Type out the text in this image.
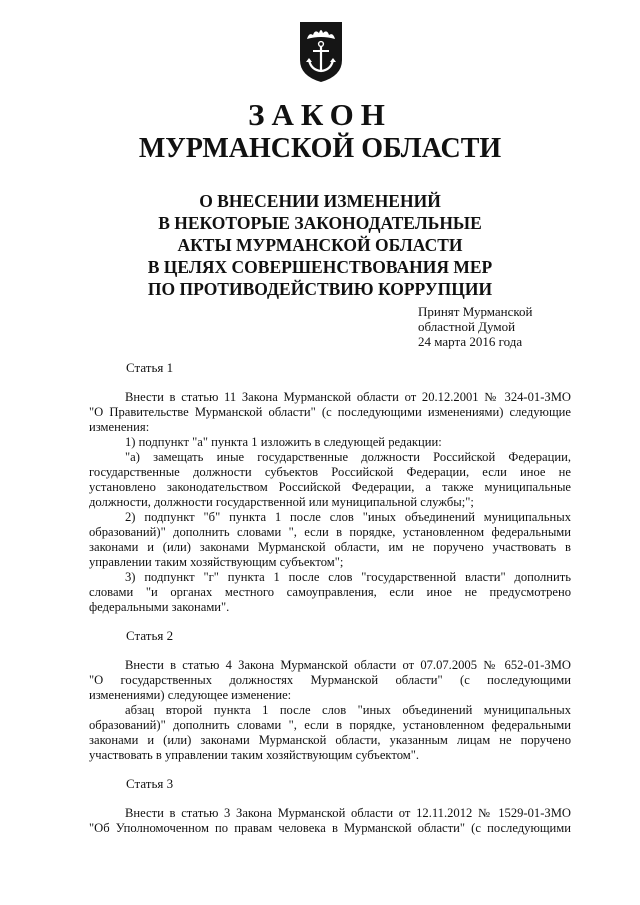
ЗАКОН
МУРМАНСКОЙ ОБЛАСТИ
О ВНЕСЕНИИ ИЗМЕНЕНИЙ
В НЕКОТОРЫЕ ЗАКОНОДАТЕЛЬНЫЕ
АКТЫ МУРМАНСКОЙ ОБЛАСТИ
В ЦЕЛЯХ СОВЕРШЕНСТВОВАНИЯ МЕР
ПО ПРОТИВОДЕЙСТВИЮ КОРРУПЦИИ
Принят Мурманской
областной Думой
24 марта 2016 года
Статья 1
Внести в статью 11 Закона Мурманской области от 20.12.2001 № 324-01-ЗМО
"О Правительстве Мурманской области" (с последующими изменениями) следующие
изменения:
1) подпункт "а" пункта 1 изложить в следующей редакции:
"а) замещать иные государственные должности Российской Федерации,
государственные должности субъектов Российской Федерации, если иное не
установлено законодательством Российской Федерации, а также муниципальные
должности, должности государственной или муниципальной службы;";
2) подпункт "б" пункта 1 после слов "иных объединений муниципальных
образований)" дополнить словами ", если в порядке, установленном федеральными
законами и (или) законами Мурманской области, им не поручено участвовать в
управлении таким хозяйствующим субъектом";
3) подпункт "г" пункта 1 после слов "государственной власти" дополнить
словами "и органах местного самоуправления, если иное не предусмотрено
федеральными законами".
Статья 2
Внести в статью 4 Закона Мурманской области от 07.07.2005 № 652-01-ЗМО
"О государственных должностях Мурманской области" (с последующими
изменениями) следующее изменение:
абзац второй пункта 1 после слов "иных объединений муниципальных
образований)" дополнить словами ", если в порядке, установленном федеральными
законами и (или) законами Мурманской области, указанным лицам не поручено
участвовать в управлении таким хозяйствующим субъектом".
Статья 3
Внести в статью 3 Закона Мурманской области от 12.11.2012 № 1529-01-ЗМО
"Об Уполномоченном по правам человека в Мурманской области" (с последующими
